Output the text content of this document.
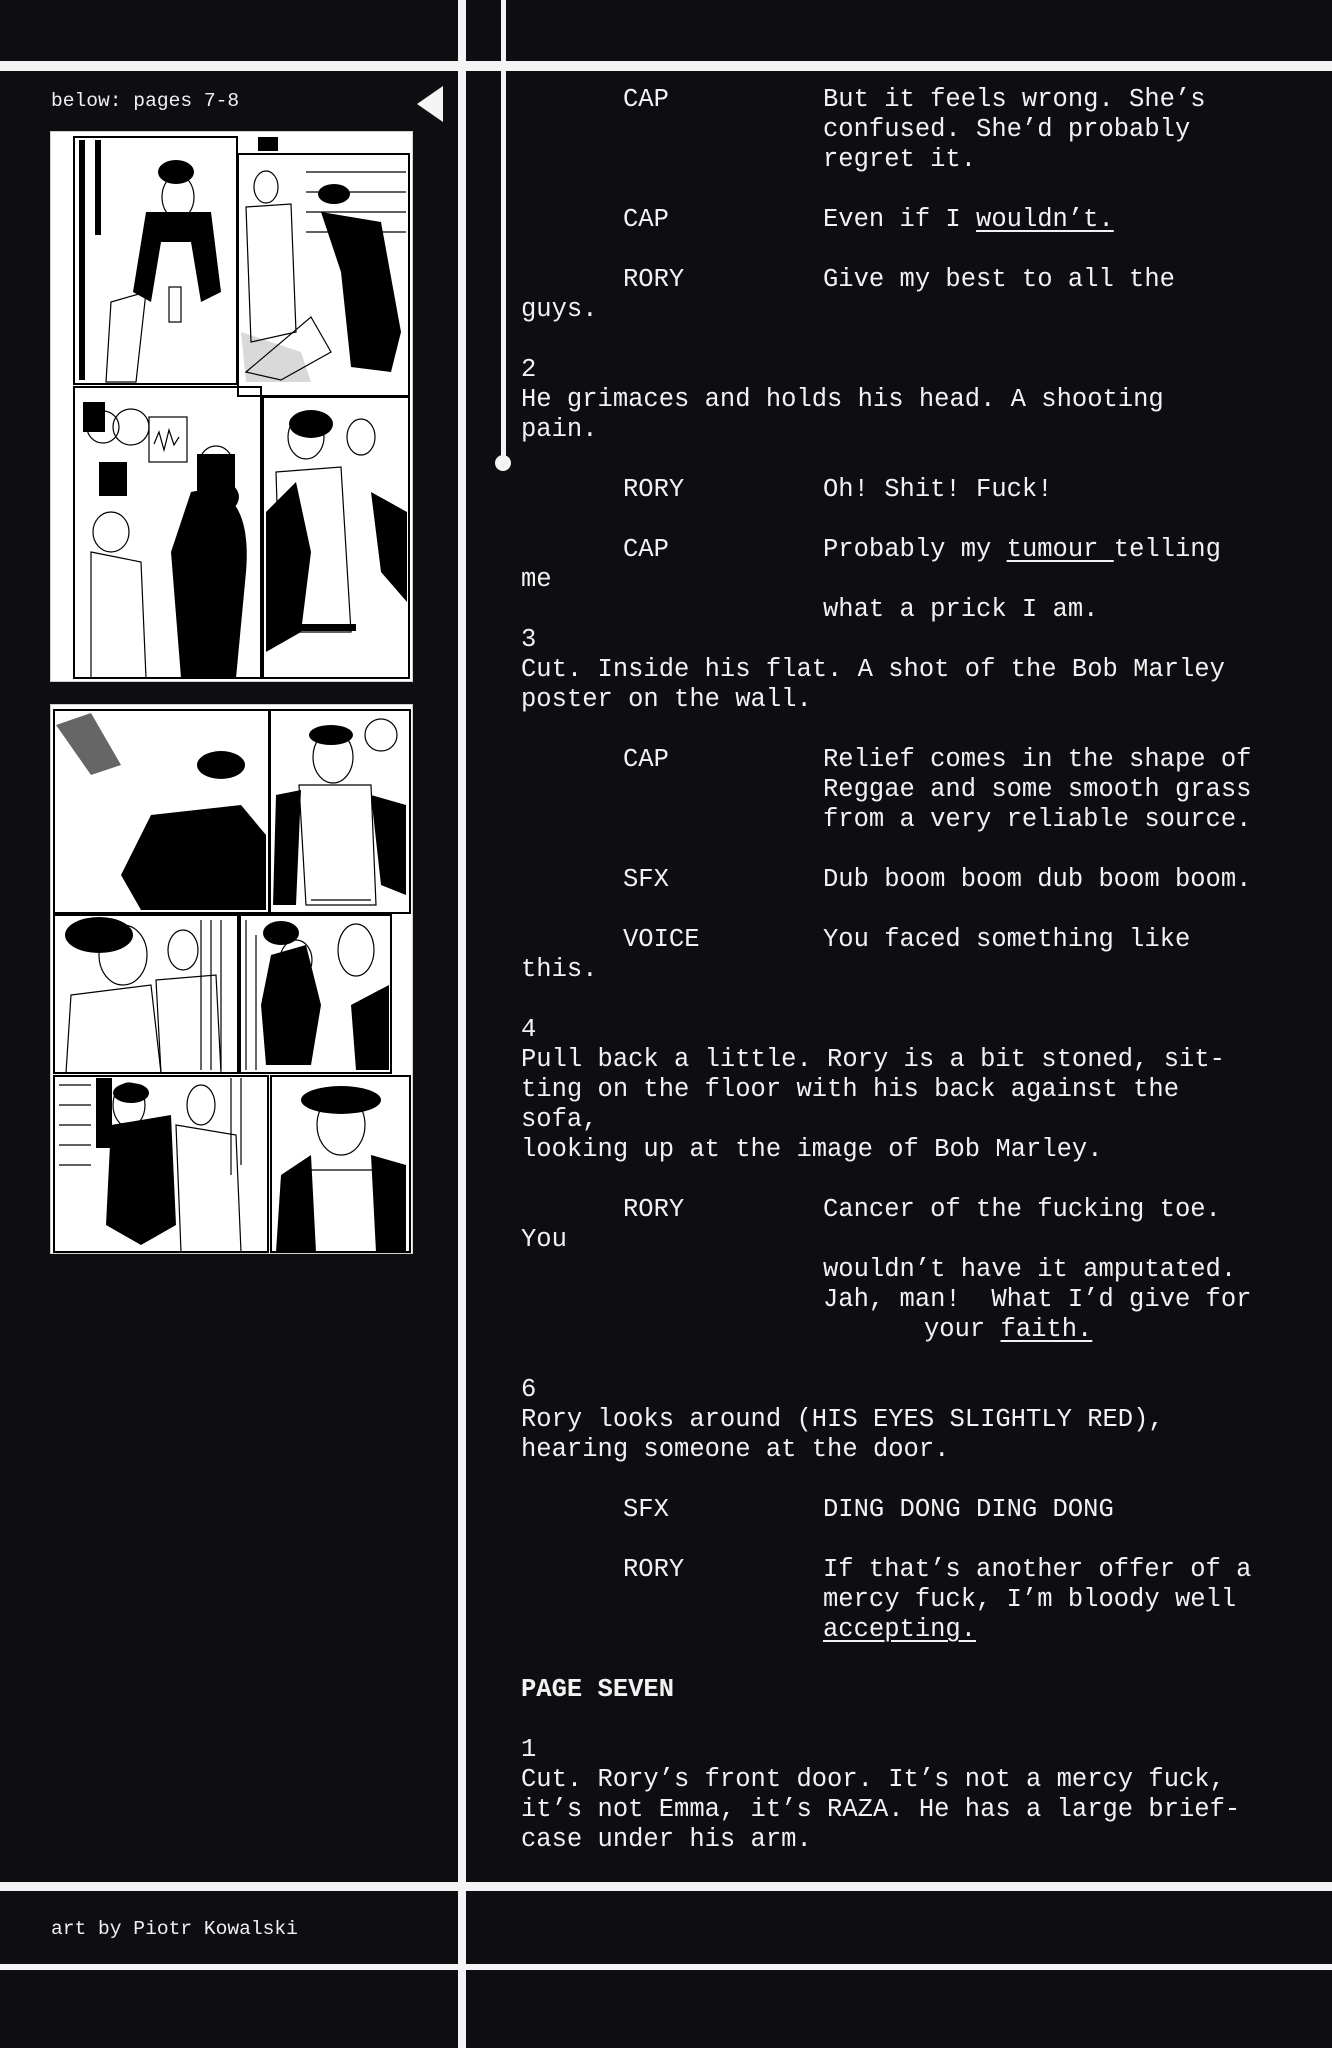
below: pages 7-8
art by Piotr Kowalski
CAP	But it feels wrong. She’s
confused. She’d probably
regret it.
CAP	Even if I wouldn’t.
RORY	Give my best to all the
guys.
2
He grimaces and holds his head. A shooting
pain.
RORY	Oh! Shit! Fuck!
CAP	Probably my tumour telling
me
what a prick I am.
3
Cut. Inside his flat. A shot of the Bob Marley
poster on the wall.
CAP	Relief comes in the shape of
Reggae and some smooth grass
from a very reliable source.
SFX	Dub boom boom dub boom boom.
VOICE	You faced something like
this.
4
Pull back a little. Rory is a bit stoned, sit-
ting on the floor with his back against the
sofa,
looking up at the image of Bob Marley.
RORY	Cancer of the fucking toe.
You
wouldn’t have it amputated.
Jah, man!  What I’d give for
your faith.
6
Rory looks around (HIS EYES SLIGHTLY RED),
hearing someone at the door.
SFX	DING DONG DING DONG
RORY	If that’s another offer of a
mercy fuck, I’m bloody well
accepting.
PAGE SEVEN
1
Cut. Rory’s front door. It’s not a mercy fuck,
it’s not Emma, it’s RAZA. He has a large brief-
case under his arm.
